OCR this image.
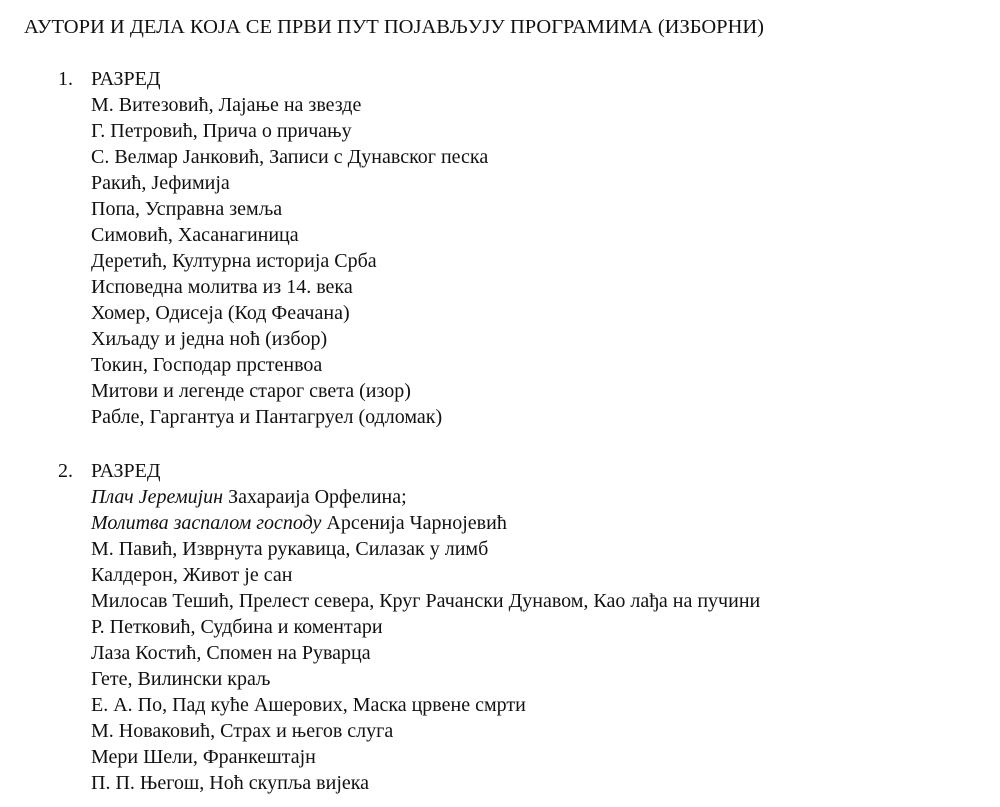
АУТОРИ И ДЕЛА КОЈА СЕ ПРВИ ПУТ ПОЈАВЉУЈУ ПРОГРАМИМА (ИЗБОРНИ)
1. РАЗРЕД
М. Витезовић, Лајање на звезде
Г. Петровић, Прича о причању
С. Велмар Јанковић, Записи с Дунавског песка
Ракић, Јефимија
Попа, Усправна земља
Симовић, Хасанагиница
Деретић, Културна историја Срба
Исповедна молитва из 14. века
Хомер, Одисеја (Код Феачана)
Хиљаду и једна ноћ (избор)
Токин, Господар прстенвоа
Митови и легенде старог света (изор)
Рабле, Гаргантуа и Пантагруел (одломак)
2. РАЗРЕД
Плач Јеремијин Захараија Орфелина;
Молитва заспалом господу Арсенија Чарнојевић
М. Павић, Изврнута рукавица, Силазак у лимб
Калдерон, Живот је сан
Милосав Тешић, Прелест севера, Круг Рачански Дунавом, Као лађа на пучини
Р. Петковић, Судбина и коментари
Лаза Костић, Спомен на Руварца
Гете, Вилински краљ
Е. А. По, Пад куће Ашерових, Маска црвене смрти
М. Новаковић, Страх и његов слуга
Мери Шели, Франкештајн
П. П. Његош, Ноћ скупља вијека
